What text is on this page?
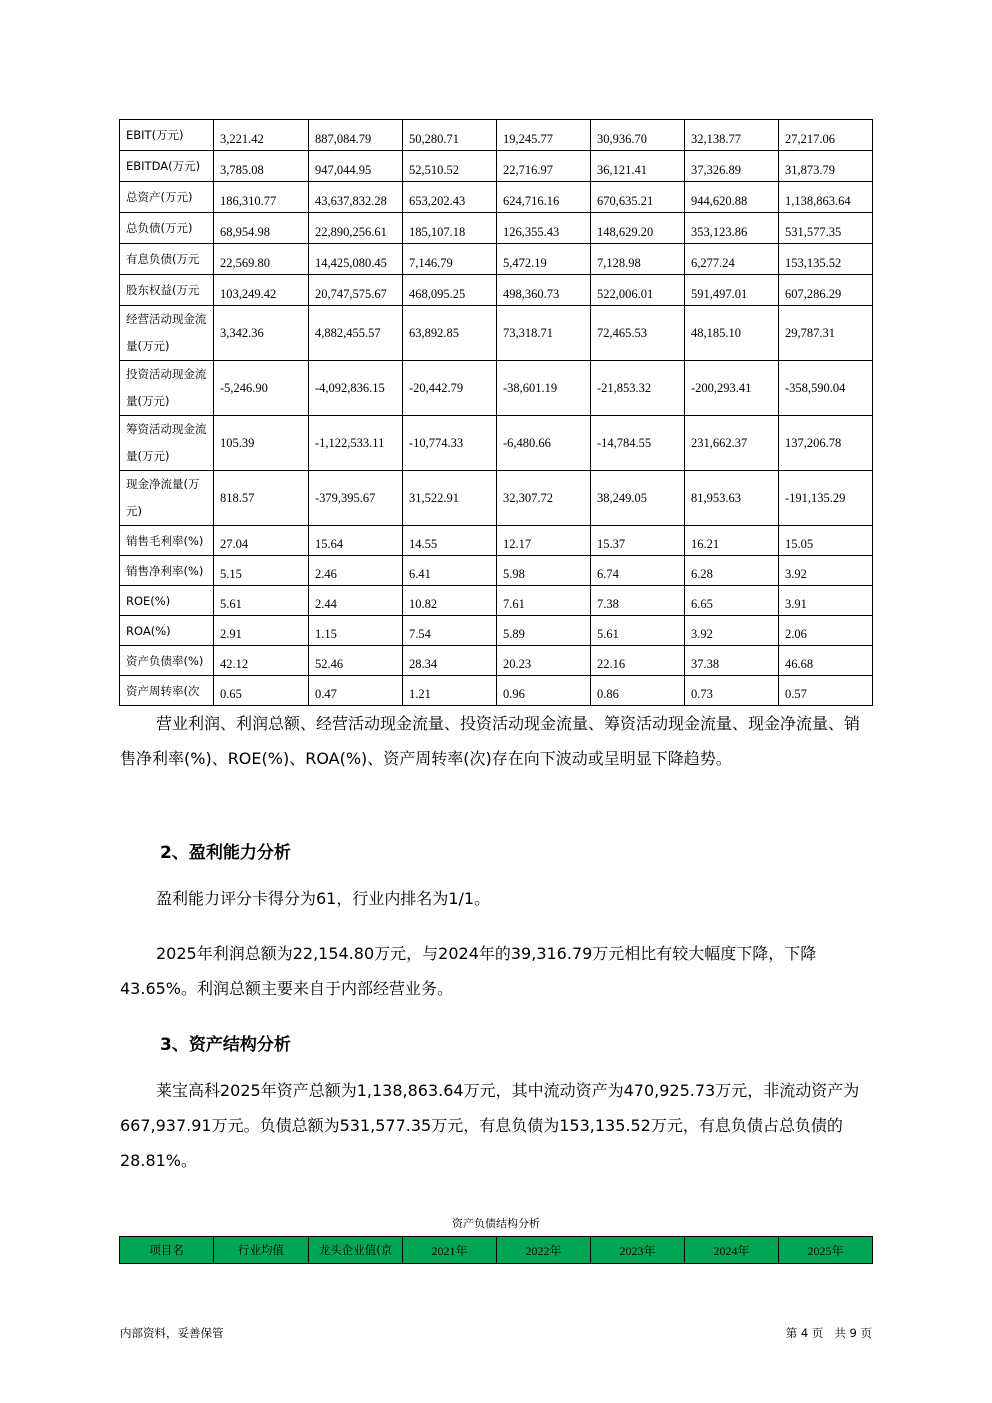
EBIT(万元)	3,221.42	887,084.79	50,280.71	19,245.77	30,936.70	32,138.77	27,217.06
EBITDA(万元)	3,785.08	947,044.95	52,510.52	22,716.97	36,121.41	37,326.89	31,873.79
总资产(万元)	186,310.77	43,637,832.28	653,202.43	624,716.16	670,635.21	944,620.88	1,138,863.64
总负债(万元)	68,954.98	22,890,256.61	185,107.18	126,355.43	148,629.20	353,123.86	531,577.35
有息负债(万元	22,569.80	14,425,080.45	7,146.79	5,472.19	7,128.98	6,277.24	153,135.52
股东权益(万元	103,249.42	20,747,575.67	468,095.25	498,360.73	522,006.01	591,497.01	607,286.29
经营活动现金流量(万元)	3,342.36	4,882,455.57	63,892.85	73,318.71	72,465.53	48,185.10	29,787.31
投资活动现金流量(万元)	-5,246.90	-4,092,836.15	-20,442.79	-38,601.19	-21,853.32	-200,293.41	-358,590.04
筹资活动现金流量(万元)	105.39	-1,122,533.11	-10,774.33	-6,480.66	-14,784.55	231,662.37	137,206.78
现金净流量(万元)	818.57	-379,395.67	31,522.91	32,307.72	38,249.05	81,953.63	-191,135.29
销售毛利率(%)	27.04	15.64	14.55	12.17	15.37	16.21	15.05
销售净利率(%)	5.15	2.46	6.41	5.98	6.74	6.28	3.92
ROE(%)	5.61	2.44	10.82	7.61	7.38	6.65	3.91
ROA(%)	2.91	1.15	7.54	5.89	5.61	3.92	2.06
资产负债率(%)	42.12	52.46	28.34	20.23	22.16	37.38	46.68
资产周转率(次	0.65	0.47	1.21	0.96	0.86	0.73	0.57
营业利润、利润总额、经营活动现金流量、投资活动现金流量、筹资活动现金流量、现金净流量、销售净利率(%)、ROE(%)、ROA(%)、资产周转率(次)存在向下波动或呈明显下降趋势。
2、盈利能力分析
盈利能力评分卡得分为61，行业内排名为1/1。
2025年利润总额为22,154.80万元，与2024年的39,316.79万元相比有较大幅度下降，下降43.65%。利润总额主要来自于内部经营业务。
3、资产结构分析
莱宝高科2025年资产总额为1,138,863.64万元，其中流动资产为470,925.73万元，非流动资产为667,937.91万元。负债总额为531,577.35万元，有息负债为153,135.52万元，有息负债占总负债的28.81%。
资产负债结构分析
项目名	行业均值	龙头企业值(京	2021年	2022年	2023年	2024年	2025年
内部资料，妥善保管	第 4 页   共 9 页
